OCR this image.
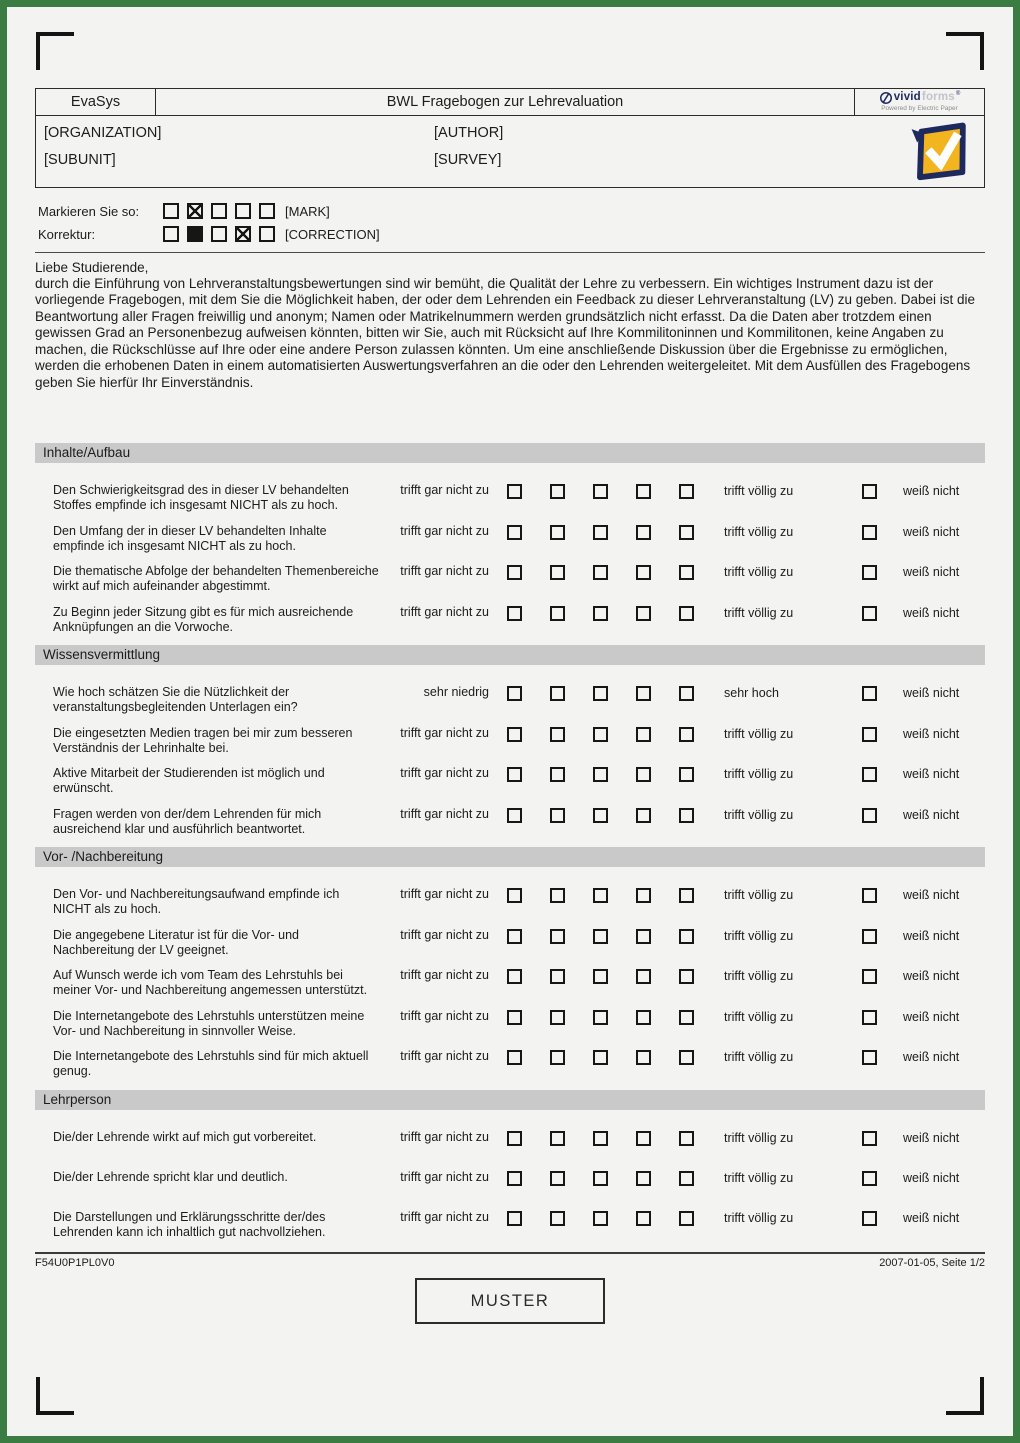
EvaSys	BWL Fragebogen zur Lehrevaluation	vivid forms ®
Powered by Electric Paper
[ORGANIZATION]
[SUBUNIT]
[AUTHOR]
[SURVEY]
Markieren Sie so:	[MARK]
Korrektur:	[CORRECTION]
Liebe Studierende,
durch die Einführung von Lehrveranstaltungsbewertungen sind wir bemüht, die Qualität der Lehre zu verbessern. Ein wichtiges Instrument dazu ist der vorliegende Fragebogen, mit dem Sie die Möglichkeit haben, der oder dem Lehrenden ein Feedback zu dieser Lehrveranstaltung (LV) zu geben. Dabei ist die Beantwortung aller Fragen freiwillig und anonym; Namen oder Matrikelnummern werden grundsätzlich nicht erfasst. Da die Daten aber trotzdem einen gewissen Grad an Personenbezug aufweisen könnten, bitten wir Sie, auch mit Rücksicht auf Ihre Kommilitoninnen und Kommilitonen, keine Angaben zu machen, die Rückschlüsse auf Ihre oder eine andere Person zulassen könnten. Um eine anschließende Diskussion über die Ergebnisse zu ermöglichen, werden die erhobenen Daten in einem automatisierten Auswertungsverfahren an die oder den Lehrenden weitergeleitet. Mit dem Ausfüllen des Fragebogens geben Sie hierfür Ihr Einverständnis.
Inhalte/Aufbau
Den Schwierigkeitsgrad des in dieser LV behandelten Stoffes empfinde ich insgesamt NICHT als zu hoch.
trifft gar nicht zu	trifft völlig zu	weiß nicht
Den Umfang der in dieser LV behandelten Inhalte empfinde ich insgesamt NICHT als zu hoch.
trifft gar nicht zu	trifft völlig zu	weiß nicht
Die thematische Abfolge der behandelten Themenbereiche wirkt auf mich aufeinander abgestimmt.
trifft gar nicht zu	trifft völlig zu	weiß nicht
Zu Beginn jeder Sitzung gibt es für mich ausreichende Anknüpfungen an die Vorwoche.
trifft gar nicht zu	trifft völlig zu	weiß nicht
Wissensvermittlung
Wie hoch schätzen Sie die Nützlichkeit der veranstaltungsbegleitenden Unterlagen ein?
sehr niedrig	sehr hoch	weiß nicht
Die eingesetzten Medien tragen bei mir zum besseren Verständnis der Lehrinhalte bei.
trifft gar nicht zu	trifft völlig zu	weiß nicht
Aktive Mitarbeit der Studierenden ist möglich und erwünscht.
trifft gar nicht zu	trifft völlig zu	weiß nicht
Fragen werden von der/dem Lehrenden für mich ausreichend klar und ausführlich beantwortet.
trifft gar nicht zu	trifft völlig zu	weiß nicht
Vor- /Nachbereitung
Den Vor- und Nachbereitungsaufwand empfinde ich NICHT als zu hoch.
trifft gar nicht zu	trifft völlig zu	weiß nicht
Die angegebene Literatur ist für die Vor- und Nachbereitung der LV geeignet.
trifft gar nicht zu	trifft völlig zu	weiß nicht
Auf Wunsch werde ich vom Team des Lehrstuhls bei meiner Vor- und Nachbereitung angemessen unterstützt.
trifft gar nicht zu	trifft völlig zu	weiß nicht
Die Internetangebote des Lehrstuhls unterstützen meine Vor- und Nachbereitung in sinnvoller Weise.
trifft gar nicht zu	trifft völlig zu	weiß nicht
Die Internetangebote des Lehrstuhls sind für mich aktuell genug.
trifft gar nicht zu	trifft völlig zu	weiß nicht
Lehrperson
Die/der Lehrende wirkt auf mich gut vorbereitet.	trifft gar nicht zu	trifft völlig zu	weiß nicht
Die/der Lehrende spricht klar und deutlich.	trifft gar nicht zu	trifft völlig zu	weiß nicht
Die Darstellungen und Erklärungsschritte der/des Lehrenden kann ich inhaltlich gut nachvollziehen.
trifft gar nicht zu	trifft völlig zu	weiß nicht
F54U0P1PL0V0	2007-01-05, Seite 1/2
MUSTER
